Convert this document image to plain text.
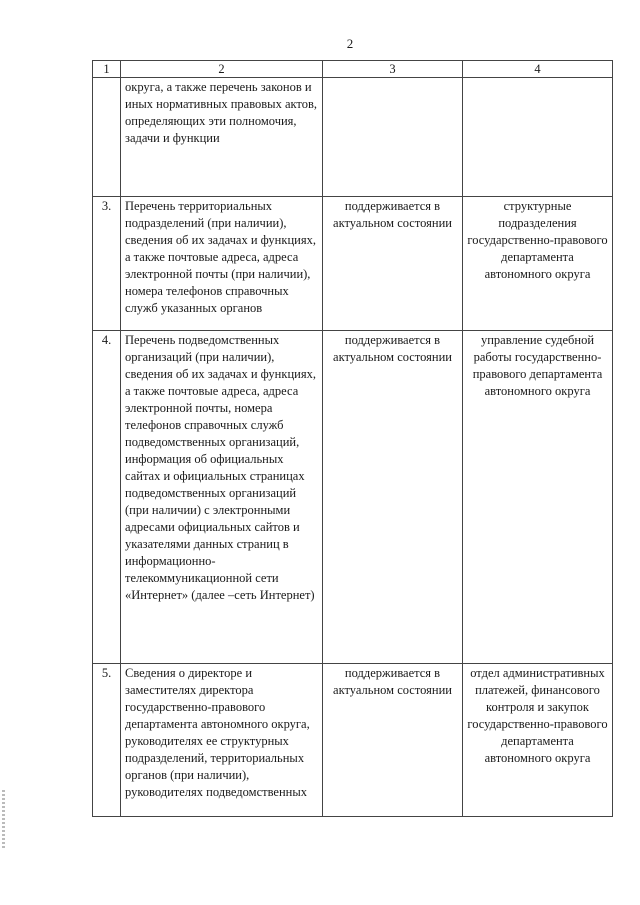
2
1	2	3	4
	округа, а также перечень законов и иных нормативных правовых актов, определяющих эти полномочия, задачи и функции		
3.	Перечень территориальных подразделений (при наличии), сведения об их задачах и функциях, а также почтовые адреса, адреса электронной почты (при наличии), номера телефонов справочных служб указанных органов	поддерживается в актуальном состоянии	структурные подразделения государственно-правового департамента автономного округа
4.	Перечень подведомственных организаций (при наличии), сведения об их задачах и функциях, а также почтовые адреса, адреса электронной почты, номера телефонов справочных служб подведомственных организаций, информация об официальных сайтах и официальных страницах подведомственных организаций (при наличии) с электронными адресами официальных сайтов и указателями данных страниц в информационно-телекоммуникационной сети «Интернет» (далее –сеть Интернет)	поддерживается в актуальном состоянии	управление судебной работы государственно-правового департамента автономного округа
5.	Сведения о директоре и заместителях директора государственно-правового департамента автономного округа, руководителях ее структурных подразделений, территориальных органов (при наличии), руководителях подведомственных	поддерживается в актуальном состоянии	отдел административных платежей, финансового контроля и закупок государственно-правового департамента автономного округа
